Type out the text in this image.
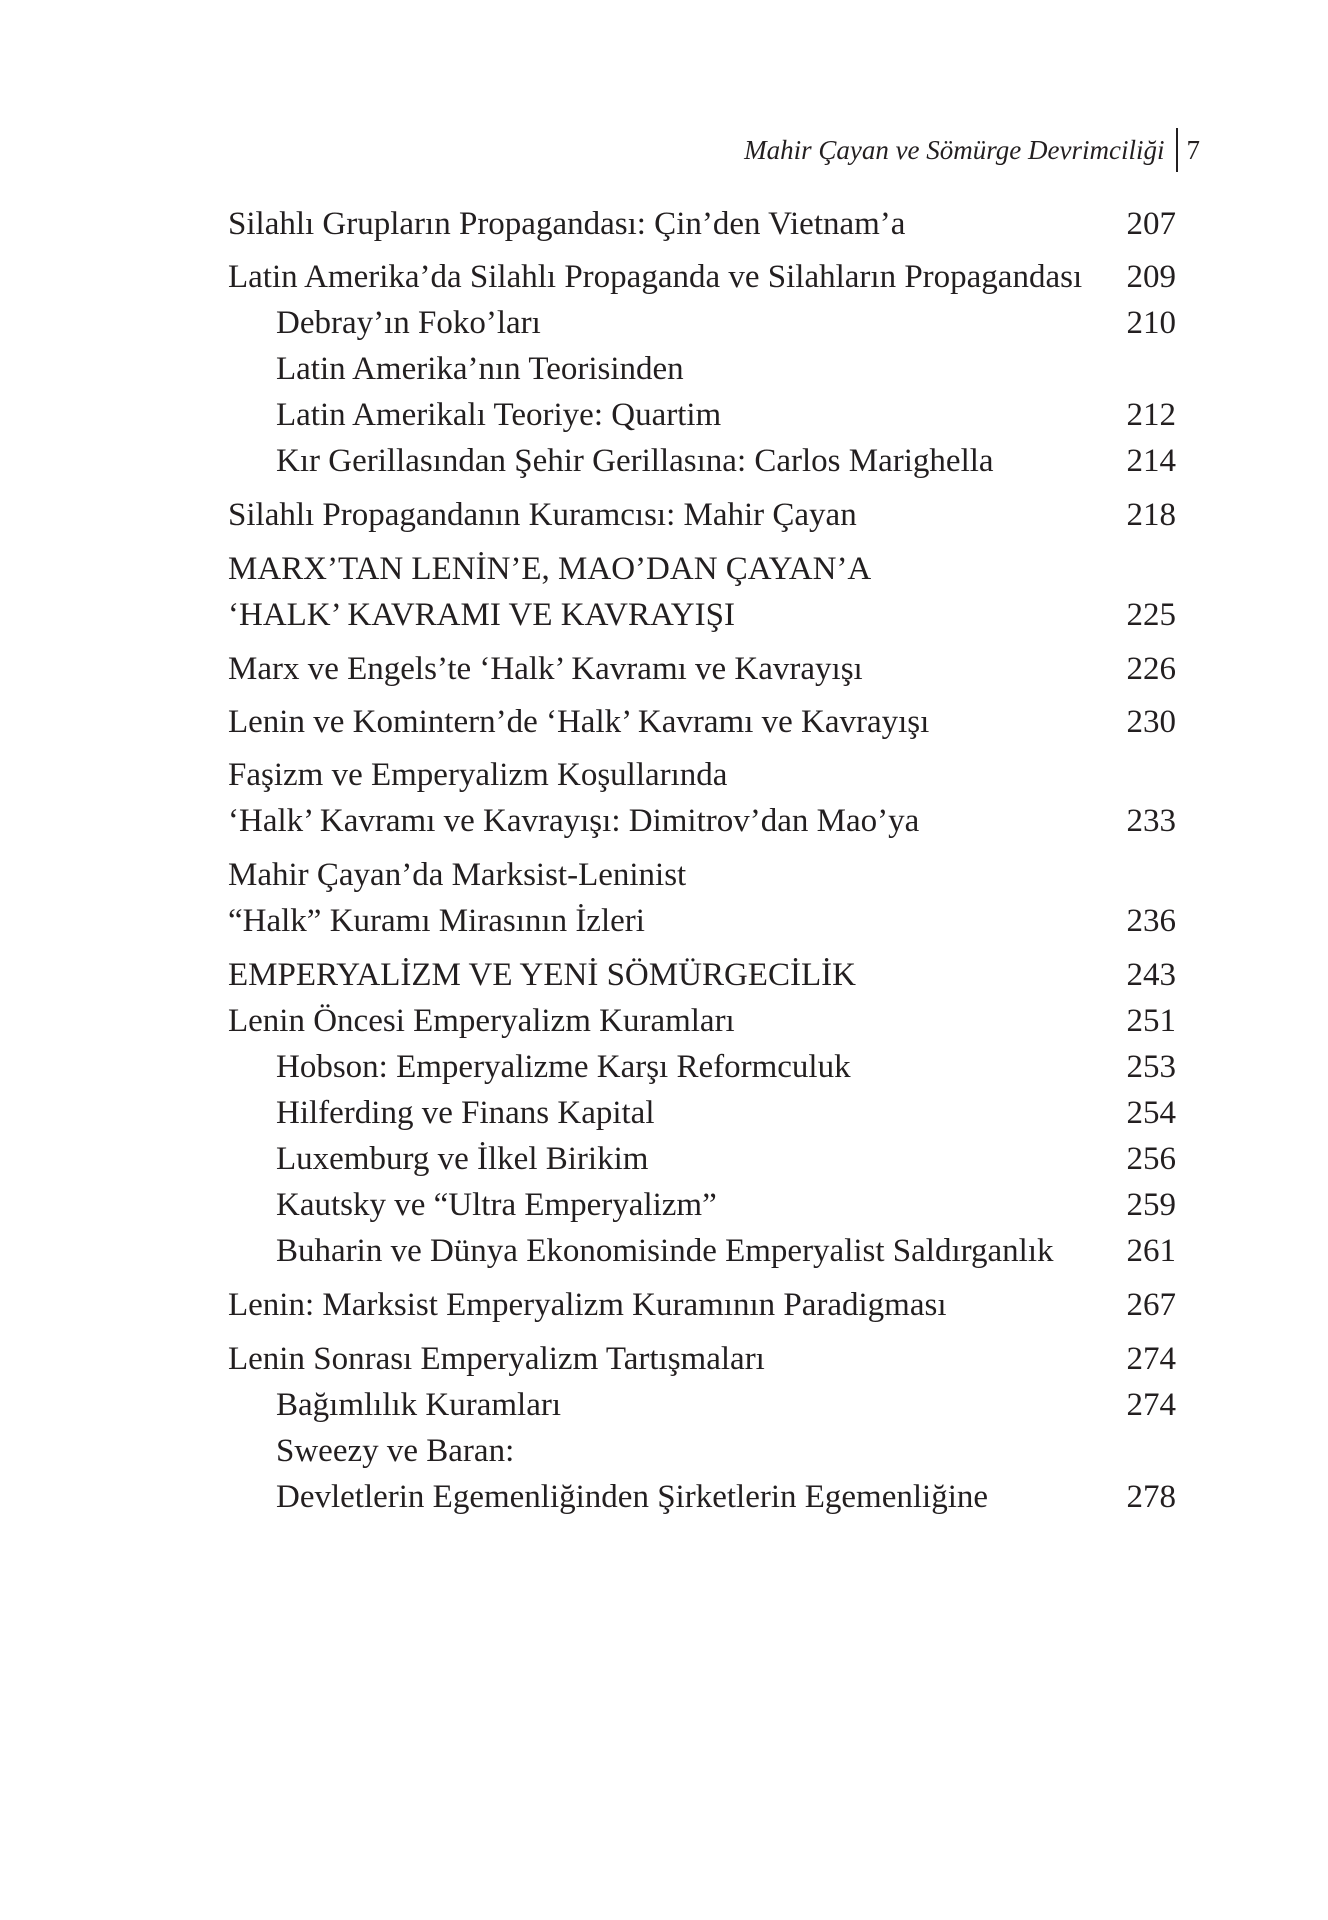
Mahir Çayan ve Sömürge Devrimciliği 7
Silahlı Grupların Propagandası: Çin’den Vietnam’a	207
Latin Amerika’da Silahlı Propaganda ve Silahların Propagandası 209
Debray’ın Foko’ları	210
Latin Amerika’nın Teorisinden
Latin Amerikalı Teoriye: Quartim	212
Kır Gerillasından Şehir Gerillasına: Carlos Marighella	214
Silahlı Propagandanın Kuramcısı: Mahir Çayan	218
MARX’TAN LENİN’E, MAO’DAN ÇAYAN’A
‘HALK’ KAVRAMI VE KAVRAYIŞI	225
Marx ve Engels’te ‘Halk’ Kavramı ve Kavrayışı	226
Lenin ve Komintern’de ‘Halk’ Kavramı ve Kavrayışı	230
Faşizm ve Emperyalizm Koşullarında
‘Halk’ Kavramı ve Kavrayışı: Dimitrov’dan Mao’ya	233
Mahir Çayan’da Marksist-Leninist
“Halk” Kuramı Mirasının İzleri	236
EMPERYALİZM VE YENİ SÖMÜRGECİLİK	243
Lenin Öncesi Emperyalizm Kuramları	251
Hobson: Emperyalizme Karşı Reformculuk	253
Hilferding ve Finans Kapital	254
Luxemburg ve İlkel Birikim	256
Kautsky ve “Ultra Emperyalizm”	259
Buharin ve Dünya Ekonomisinde Emperyalist Saldırganlık 261
Lenin: Marksist Emperyalizm Kuramının Paradigması	267
Lenin Sonrası Emperyalizm Tartışmaları	274
Bağımlılık Kuramları	274
Sweezy ve Baran:
Devletlerin Egemenliğinden Şirketlerin Egemenliğine	278
